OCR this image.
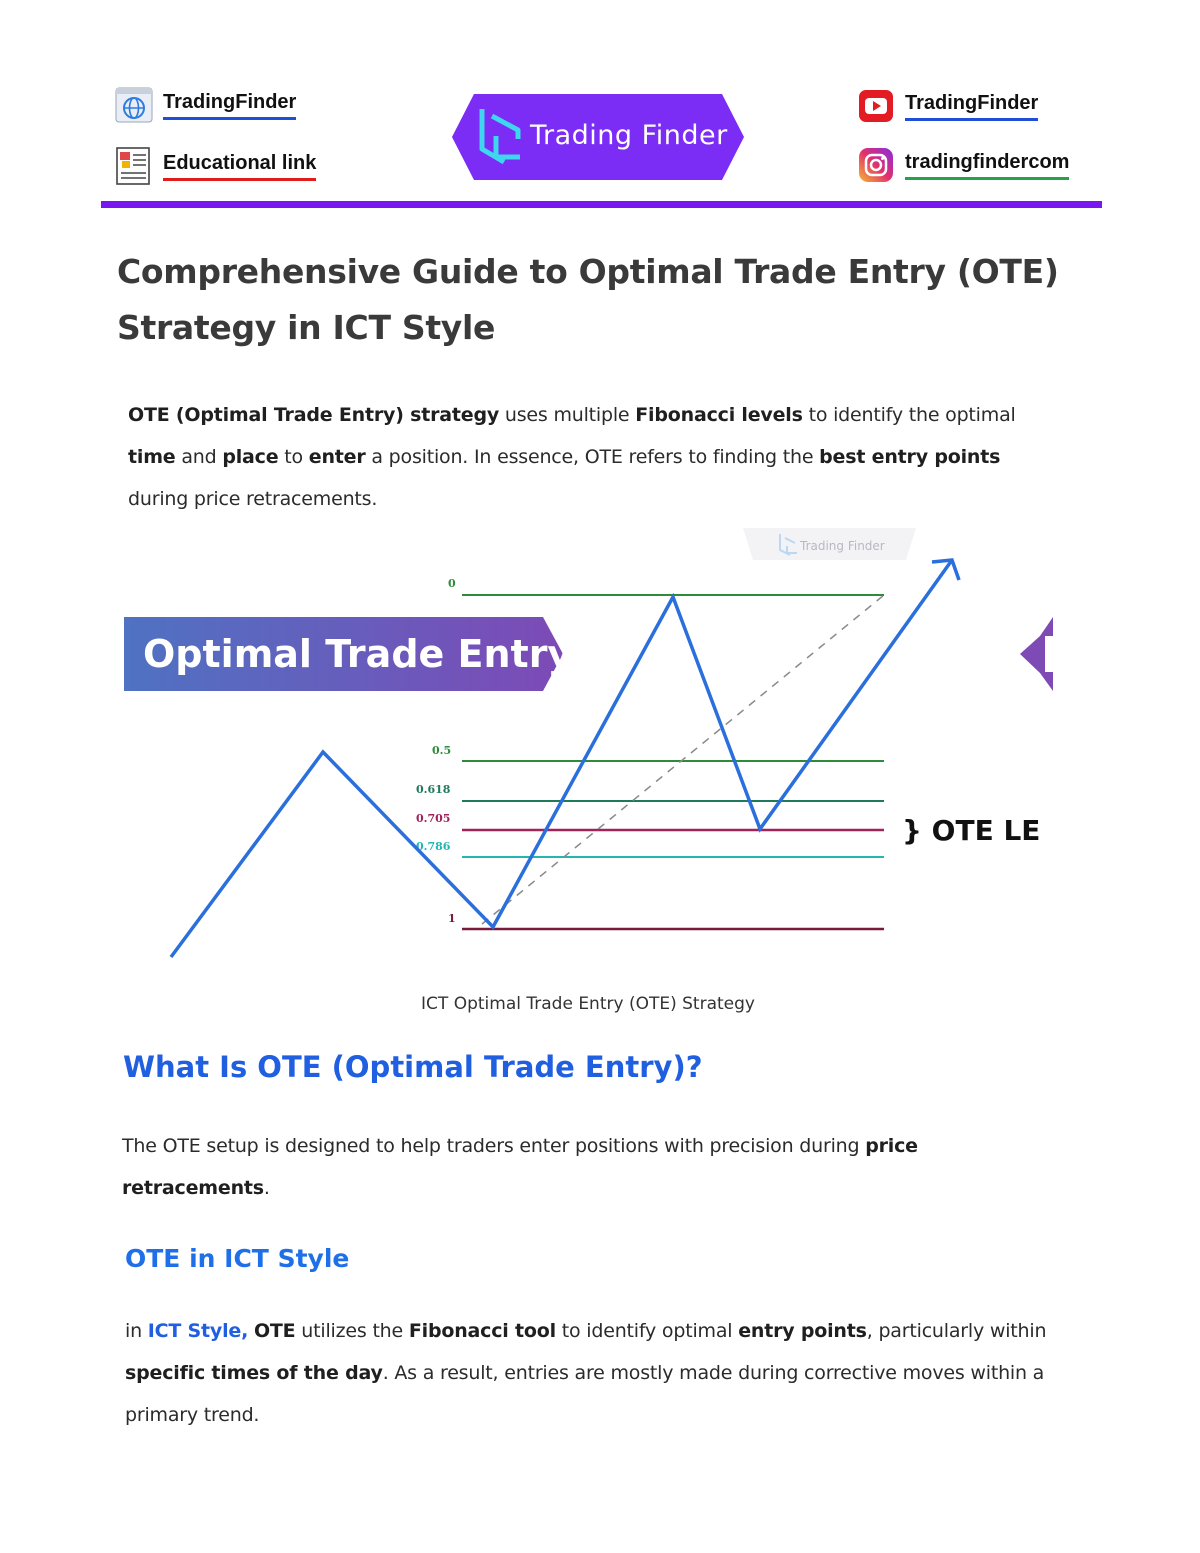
TradingFinder
Educational link
Trading Finder
TradingFinder
tradingfindercom
Comprehensive Guide to Optimal Trade Entry (OTE) Strategy in ICT Style

OTE (Optimal Trade Entry) strategy uses multiple Fibonacci levels to identify the optimal time and place to enter a position. In essence, OTE refers to finding the best entry points during price retracements.

Trading Finder
0
0.5
0.618
0.705
0.786
1
Optimal Trade Entry
} OTE LE
ICT Optimal Trade Entry (OTE) Strategy
What Is OTE (Optimal Trade Entry)?

The OTE setup is designed to help traders enter positions with precision during price retracements.

OTE in ICT Style

in ICT Style, OTE utilizes the Fibonacci tool to identify optimal entry points, particularly within specific times of the day. As a result, entries are mostly made during corrective moves within a primary trend.
